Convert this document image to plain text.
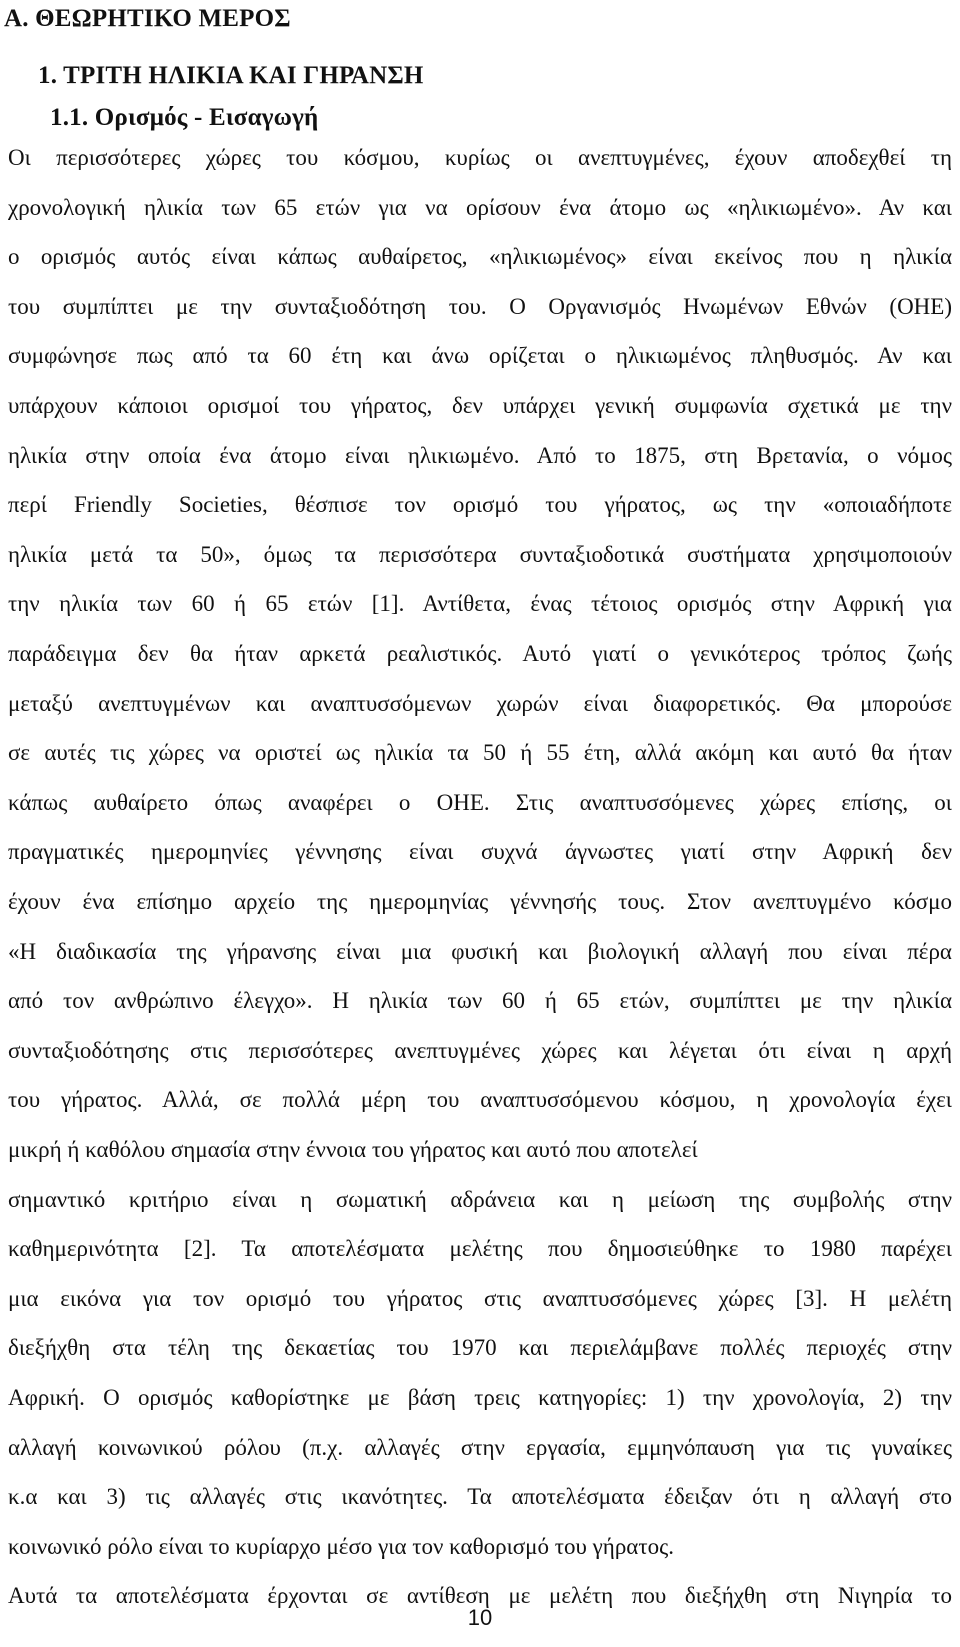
Α. ΘΕΩΡΗΤΙΚΟ ΜΕΡΟΣ
1. ΤΡΙΤΗ ΗΛΙΚΙΑ ΚΑΙ ΓΗΡΑΝΣΗ
1.1. Ορισμός - Εισαγωγή
Οι περισσότερες χώρες του κόσμου, κυρίως οι ανεπτυγμένες, έχουν αποδεχθεί τη
χρονολογική ηλικία των 65 ετών για να ορίσουν ένα άτομο ως «ηλικιωμένο». Αν και
ο ορισμός αυτός είναι κάπως αυθαίρετος, «ηλικιωμένος» είναι εκείνος που η ηλικία
του συμπίπτει με την συνταξιοδότηση του. Ο Οργανισμός Ηνωμένων Εθνών (ΟΗΕ)
συμφώνησε πως από τα 60 έτη και άνω ορίζεται ο ηλικιωμένος πληθυσμός. Αν και
υπάρχουν κάποιοι ορισμοί του γήρατος, δεν υπάρχει γενική συμφωνία σχετικά με την
ηλικία στην οποία ένα άτομο είναι ηλικιωμένο. Από το 1875, στη Βρετανία, ο νόμος
περί Friendly Societies, θέσπισε τον ορισμό του γήρατος, ως την «οποιαδήποτε
ηλικία μετά τα 50», όμως τα περισσότερα συνταξιοδοτικά συστήματα χρησιμοποιούν
την ηλικία των 60 ή 65 ετών [1]. Αντίθετα, ένας τέτοιος ορισμός στην Αφρική για
παράδειγμα δεν θα ήταν αρκετά ρεαλιστικός. Αυτό γιατί ο γενικότερος τρόπος ζωής
μεταξύ ανεπτυγμένων και αναπτυσσόμενων χωρών είναι διαφορετικός. Θα μπορούσε
σε αυτές τις χώρες να οριστεί ως ηλικία τα 50 ή 55 έτη, αλλά ακόμη και αυτό θα ήταν
κάπως αυθαίρετο όπως αναφέρει ο ΟΗΕ. Στις αναπτυσσόμενες χώρες επίσης, οι
πραγματικές ημερομηνίες γέννησης είναι συχνά άγνωστες γιατί στην Αφρική δεν
έχουν ένα επίσημο αρχείο της ημερομηνίας γέννησής τους. Στον ανεπτυγμένο κόσμο
«Η διαδικασία της γήρανσης είναι μια φυσική και βιολογική αλλαγή που είναι πέρα
από τον ανθρώπινο έλεγχο». Η ηλικία των 60 ή 65 ετών, συμπίπτει με την ηλικία
συνταξιοδότησης στις περισσότερες ανεπτυγμένες χώρες και λέγεται ότι είναι η αρχή
του γήρατος. Αλλά, σε πολλά μέρη του αναπτυσσόμενου κόσμου, η χρονολογία έχει
μικρή ή καθόλου σημασία στην έννοια του γήρατος και αυτό που αποτελεί
σημαντικό κριτήριο είναι η σωματική αδράνεια και η μείωση της συμβολής στην
καθημερινότητα [2]. Τα αποτελέσματα μελέτης που δημοσιεύθηκε το 1980 παρέχει
μια εικόνα για τον ορισμό του γήρατος στις αναπτυσσόμενες χώρες [3]. Η μελέτη
διεξήχθη στα τέλη της δεκαετίας του 1970 και περιελάμβανε πολλές περιοχές στην
Αφρική. Ο ορισμός καθορίστηκε με βάση τρεις κατηγορίες: 1) την χρονολογία, 2) την
αλλαγή κοινωνικού ρόλου (π.χ. αλλαγές στην εργασία, εμμηνόπαυση για τις γυναίκες
κ.α και 3) τις αλλαγές στις ικανότητες. Τα αποτελέσματα έδειξαν ότι η αλλαγή στο
κοινωνικό ρόλο είναι το κυρίαρχο μέσο για τον καθορισμό του γήρατος.
Αυτά τα αποτελέσματα έρχονται σε αντίθεση με μελέτη που διεξήχθη στη Νιγηρία το
10
